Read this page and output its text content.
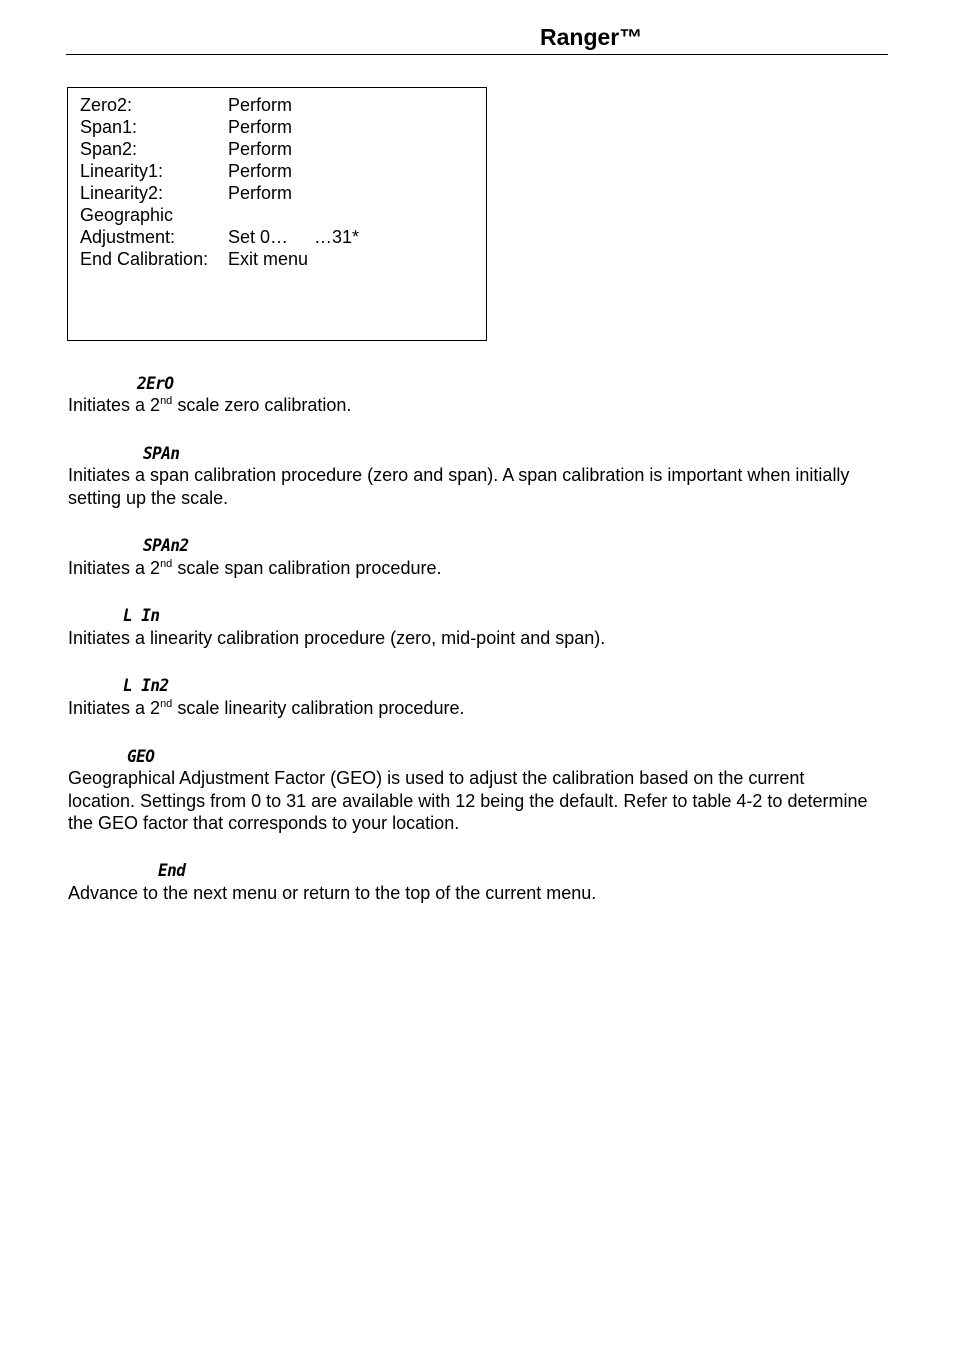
Ranger™
Zero2:	Perform
Span1:	Perform
Span2:	Perform
Linearity1:	Perform
Linearity2:	Perform
Geographic
Adjustment:	Set 0… …31*
End Calibration: Exit menu
2ErO
Initiates a 2nd scale zero calibration.
SPAn
Initiates a span calibration procedure (zero and span). A span calibration is important when initially setting up the scale.
SPAn2
Initiates a 2nd scale span calibration procedure.
L In
Initiates a linearity calibration procedure (zero, mid-point and span).
L In2
Initiates a 2nd scale linearity calibration procedure.
GEO
Geographical Adjustment Factor (GEO) is used to adjust the calibration based on the current location. Settings from 0 to 31 are available with 12 being the default. Refer to table 4-2 to determine the GEO factor that corresponds to your location.
End
Advance to the next menu or return to the top of the current menu.
